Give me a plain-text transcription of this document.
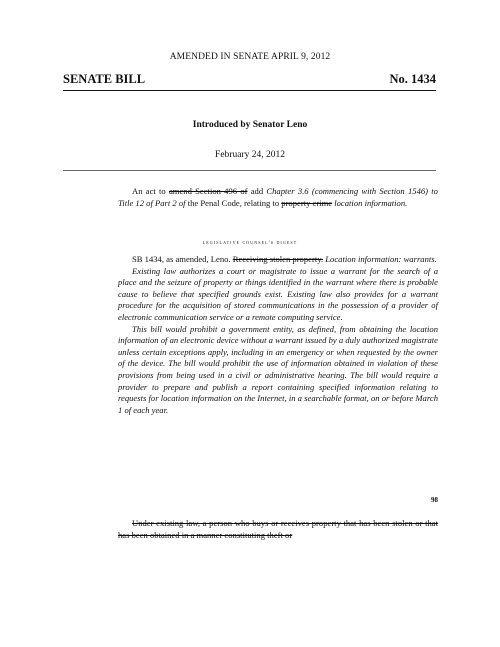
AMENDED IN SENATE APRIL 9, 2012
SENATE BILL	No. 1434
Introduced by Senator Leno
February 24, 2012
An act to amend Section 496 of add Chapter 3.6 (commencing with Section 1546) to Title 12 of Part 2 of the Penal Code, relating to property crime location information.
legislative counsel's digest

SB 1434, as amended, Leno. Receiving stolen property. Location information: warrants.

Existing law authorizes a court or magistrate to issue a warrant for the search of a place and the seizure of property or things identified in the warrant where there is probable cause to believe that specified grounds exist. Existing law also provides for a warrant procedure for the acquisition of stored communications in the possession of a provider of electronic communication service or a remote computing service.

This bill would prohibit a government entity, as defined, from obtaining the location information of an electronic device without a warrant issued by a duly authorized magistrate unless certain exceptions apply, including in an emergency or when requested by the owner of the device. The bill would prohibit the use of information obtained in violation of these provisions from being used in a civil or administrative hearing. The bill would require a provider to prepare and publish a report containing specified information relating to requests for location information on the Internet, in a searchable format, on or before March 1 of each year.

98

Under existing law, a person who buys or receives property that has been stolen or that has been obtained in a manner constituting theft or
